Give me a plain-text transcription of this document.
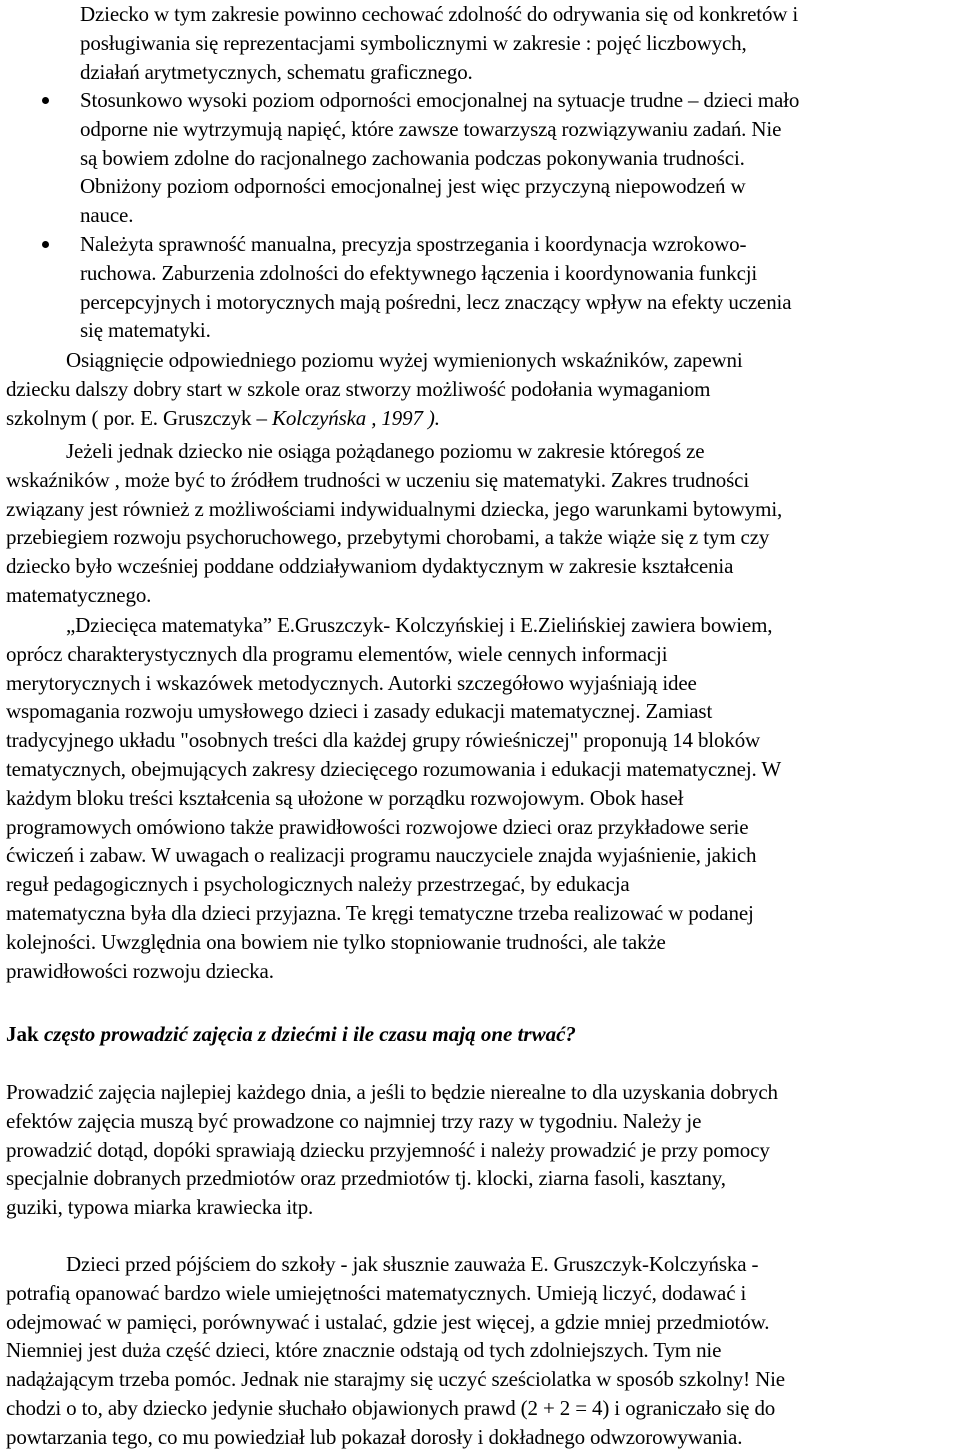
Dziecko w tym zakresie powinno cechować zdolność do odrywania się od konkretów i
posługiwania się reprezentacjami symbolicznymi w zakresie : pojęć liczbowych,
działań arytmetycznych, schematu graficznego.
Stosunkowo wysoki poziom odporności emocjonalnej na sytuacje trudne – dzieci mało
odporne nie wytrzymują napięć, które zawsze towarzyszą rozwiązywaniu zadań. Nie
są bowiem zdolne do racjonalnego zachowania podczas pokonywania trudności.
Obniżony poziom odporności emocjonalnej jest więc przyczyną niepowodzeń w
nauce.
Należyta sprawność manualna, precyzja spostrzegania i koordynacja wzrokowo-
ruchowa. Zaburzenia zdolności do efektywnego łączenia i koordynowania funkcji
percepcyjnych i motorycznych mają pośredni, lecz znaczący wpływ na efekty uczenia
się matematyki.
Osiągnięcie odpowiedniego poziomu wyżej wymienionych wskaźników, zapewni
dziecku dalszy dobry start w szkole oraz stworzy możliwość podołania wymaganiom
szkolnym ( por. E. Gruszczyk – Kolczyńska , 1997 ).
Jeżeli jednak dziecko nie osiąga pożądanego poziomu w zakresie któregoś ze
wskaźników , może być to źródłem trudności w uczeniu się matematyki. Zakres trudności
związany jest również z możliwościami indywidualnymi dziecka, jego warunkami bytowymi,
przebiegiem rozwoju psychoruchowego, przebytymi chorobami, a także wiąże się z tym czy
dziecko było wcześniej poddane oddziaływaniom dydaktycznym w zakresie kształcenia
matematycznego.
„Dziecięca matematyka” E.Gruszczyk- Kolczyńskiej i E.Zielińskiej zawiera bowiem,
oprócz charakterystycznych dla programu elementów, wiele cennych informacji
merytorycznych i wskazówek metodycznych. Autorki szczegółowo wyjaśniają idee
wspomagania rozwoju umysłowego dzieci i zasady edukacji matematycznej. Zamiast
tradycyjnego układu "osobnych treści dla każdej grupy rówieśniczej" proponują 14 bloków
tematycznych, obejmujących zakresy dziecięcego rozumowania i edukacji matematycznej. W
każdym bloku treści kształcenia są ułożone w porządku rozwojowym. Obok haseł
programowych omówiono także prawidłowości rozwojowe dzieci oraz przykładowe serie
ćwiczeń i zabaw. W uwagach o realizacji programu nauczyciele znajda wyjaśnienie, jakich
reguł pedagogicznych i psychologicznych należy przestrzegać, by edukacja
matematyczna była dla dzieci przyjazna. Te kręgi tematyczne trzeba realizować w podanej
kolejności. Uwzględnia ona bowiem nie tylko stopniowanie trudności, ale także
prawidłowości rozwoju dziecka.
Jak często prowadzić zajęcia z dziećmi i ile czasu mają one trwać?
Prowadzić zajęcia najlepiej każdego dnia, a jeśli to będzie nierealne to dla uzyskania dobrych
efektów zajęcia muszą być prowadzone co najmniej trzy razy w tygodniu. Należy je
prowadzić dotąd, dopóki sprawiają dziecku przyjemność i należy prowadzić je przy pomocy
specjalnie dobranych przedmiotów oraz przedmiotów tj. klocki, ziarna fasoli, kasztany,
guziki, typowa miarka krawiecka itp.
Dzieci przed pójściem do szkoły - jak słusznie zauważa E. Gruszczyk-Kolczyńska -
potrafią opanować bardzo wiele umiejętności matematycznych. Umieją liczyć, dodawać i
odejmować w pamięci, porównywać i ustalać, gdzie jest więcej, a gdzie mniej przedmiotów.
Niemniej jest duża część dzieci, które znacznie odstają od tych zdolniejszych. Tym nie
nadążającym trzeba pomóc. Jednak nie starajmy się uczyć sześciolatka w sposób szkolny! Nie
chodzi o to, aby dziecko jedynie słuchało objawionych prawd (2 + 2 = 4) i ograniczało się do
powtarzania tego, co mu powiedział lub pokazał dorosły i dokładnego odwzorowywania.
